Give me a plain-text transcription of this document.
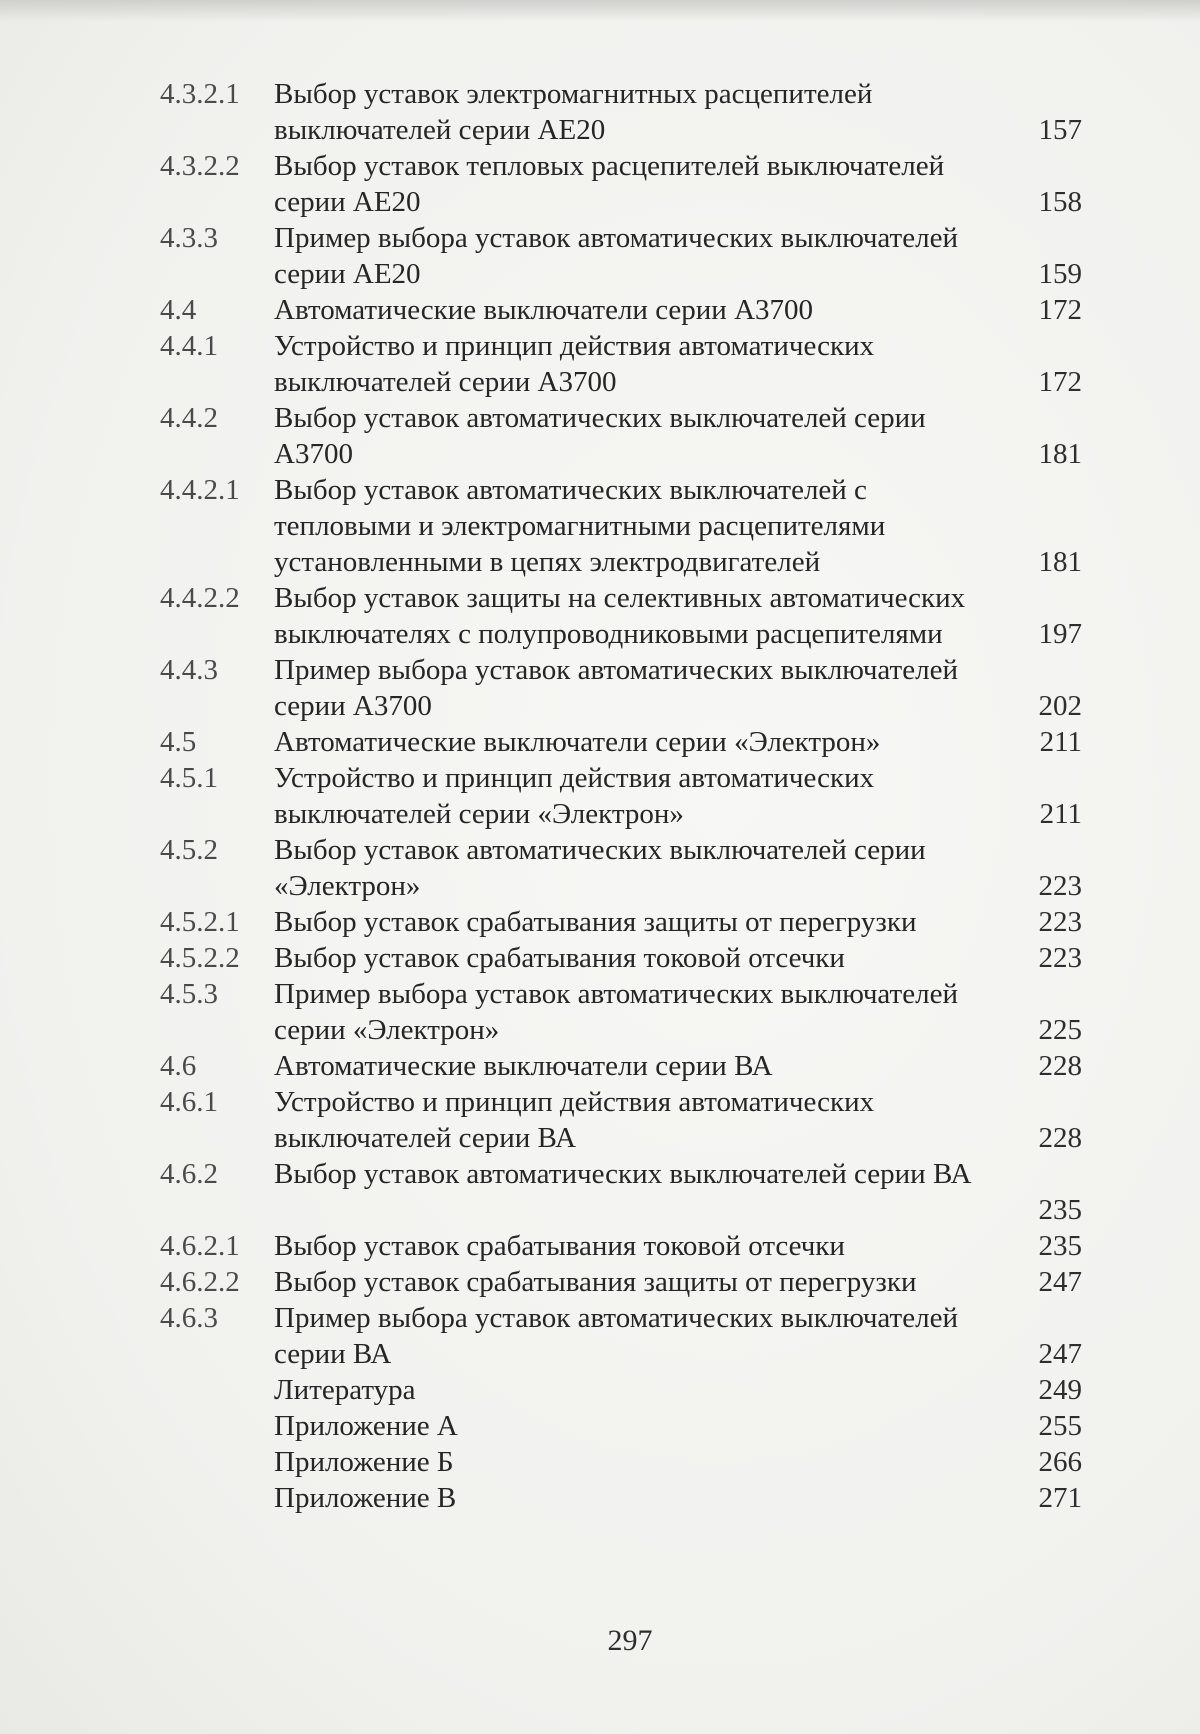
4.3.2.1	Выбор уставок электромагнитных расцепителей
выключателей серии АЕ20	157
4.3.2.2	Выбор уставок тепловых расцепителей выключателей
серии АЕ20	158
4.3.3	Пример выбора уставок автоматических выключателей
серии АЕ20	159
4.4	Автоматические выключатели серии А3700	172
4.4.1	Устройство и принцип действия автоматических
выключателей серии А3700	172
4.4.2	Выбор уставок автоматических выключателей серии
А3700	181
4.4.2.1	Выбор уставок автоматических выключателей с
тепловыми и электромагнитными расцепителями
установленными в цепях электродвигателей	181
4.4.2.2	Выбор уставок защиты на селективных автоматических
выключателях с полупроводниковыми расцепителями	197
4.4.3	Пример выбора уставок автоматических выключателей
серии А3700	202
4.5	Автоматические выключатели серии «Электрон»	211
4.5.1	Устройство и принцип действия автоматических
выключателей серии «Электрон»	211
4.5.2	Выбор уставок автоматических выключателей серии
«Электрон»	223
4.5.2.1	Выбор уставок срабатывания защиты от перегрузки	223
4.5.2.2	Выбор уставок срабатывания токовой отсечки	223
4.5.3	Пример выбора уставок автоматических выключателей
серии «Электрон»	225
4.6	Автоматические выключатели серии ВА	228
4.6.1	Устройство и принцип действия автоматических
выключателей серии ВА	228
4.6.2	Выбор уставок автоматических выключателей серии ВА

235
4.6.2.1	Выбор уставок срабатывания токовой отсечки	235
4.6.2.2	Выбор уставок срабатывания защиты от перегрузки	247
4.6.3	Пример выбора уставок автоматических выключателей
серии ВА	247
Литература	249
Приложение А	255
Приложение Б	266
Приложение В	271
297
